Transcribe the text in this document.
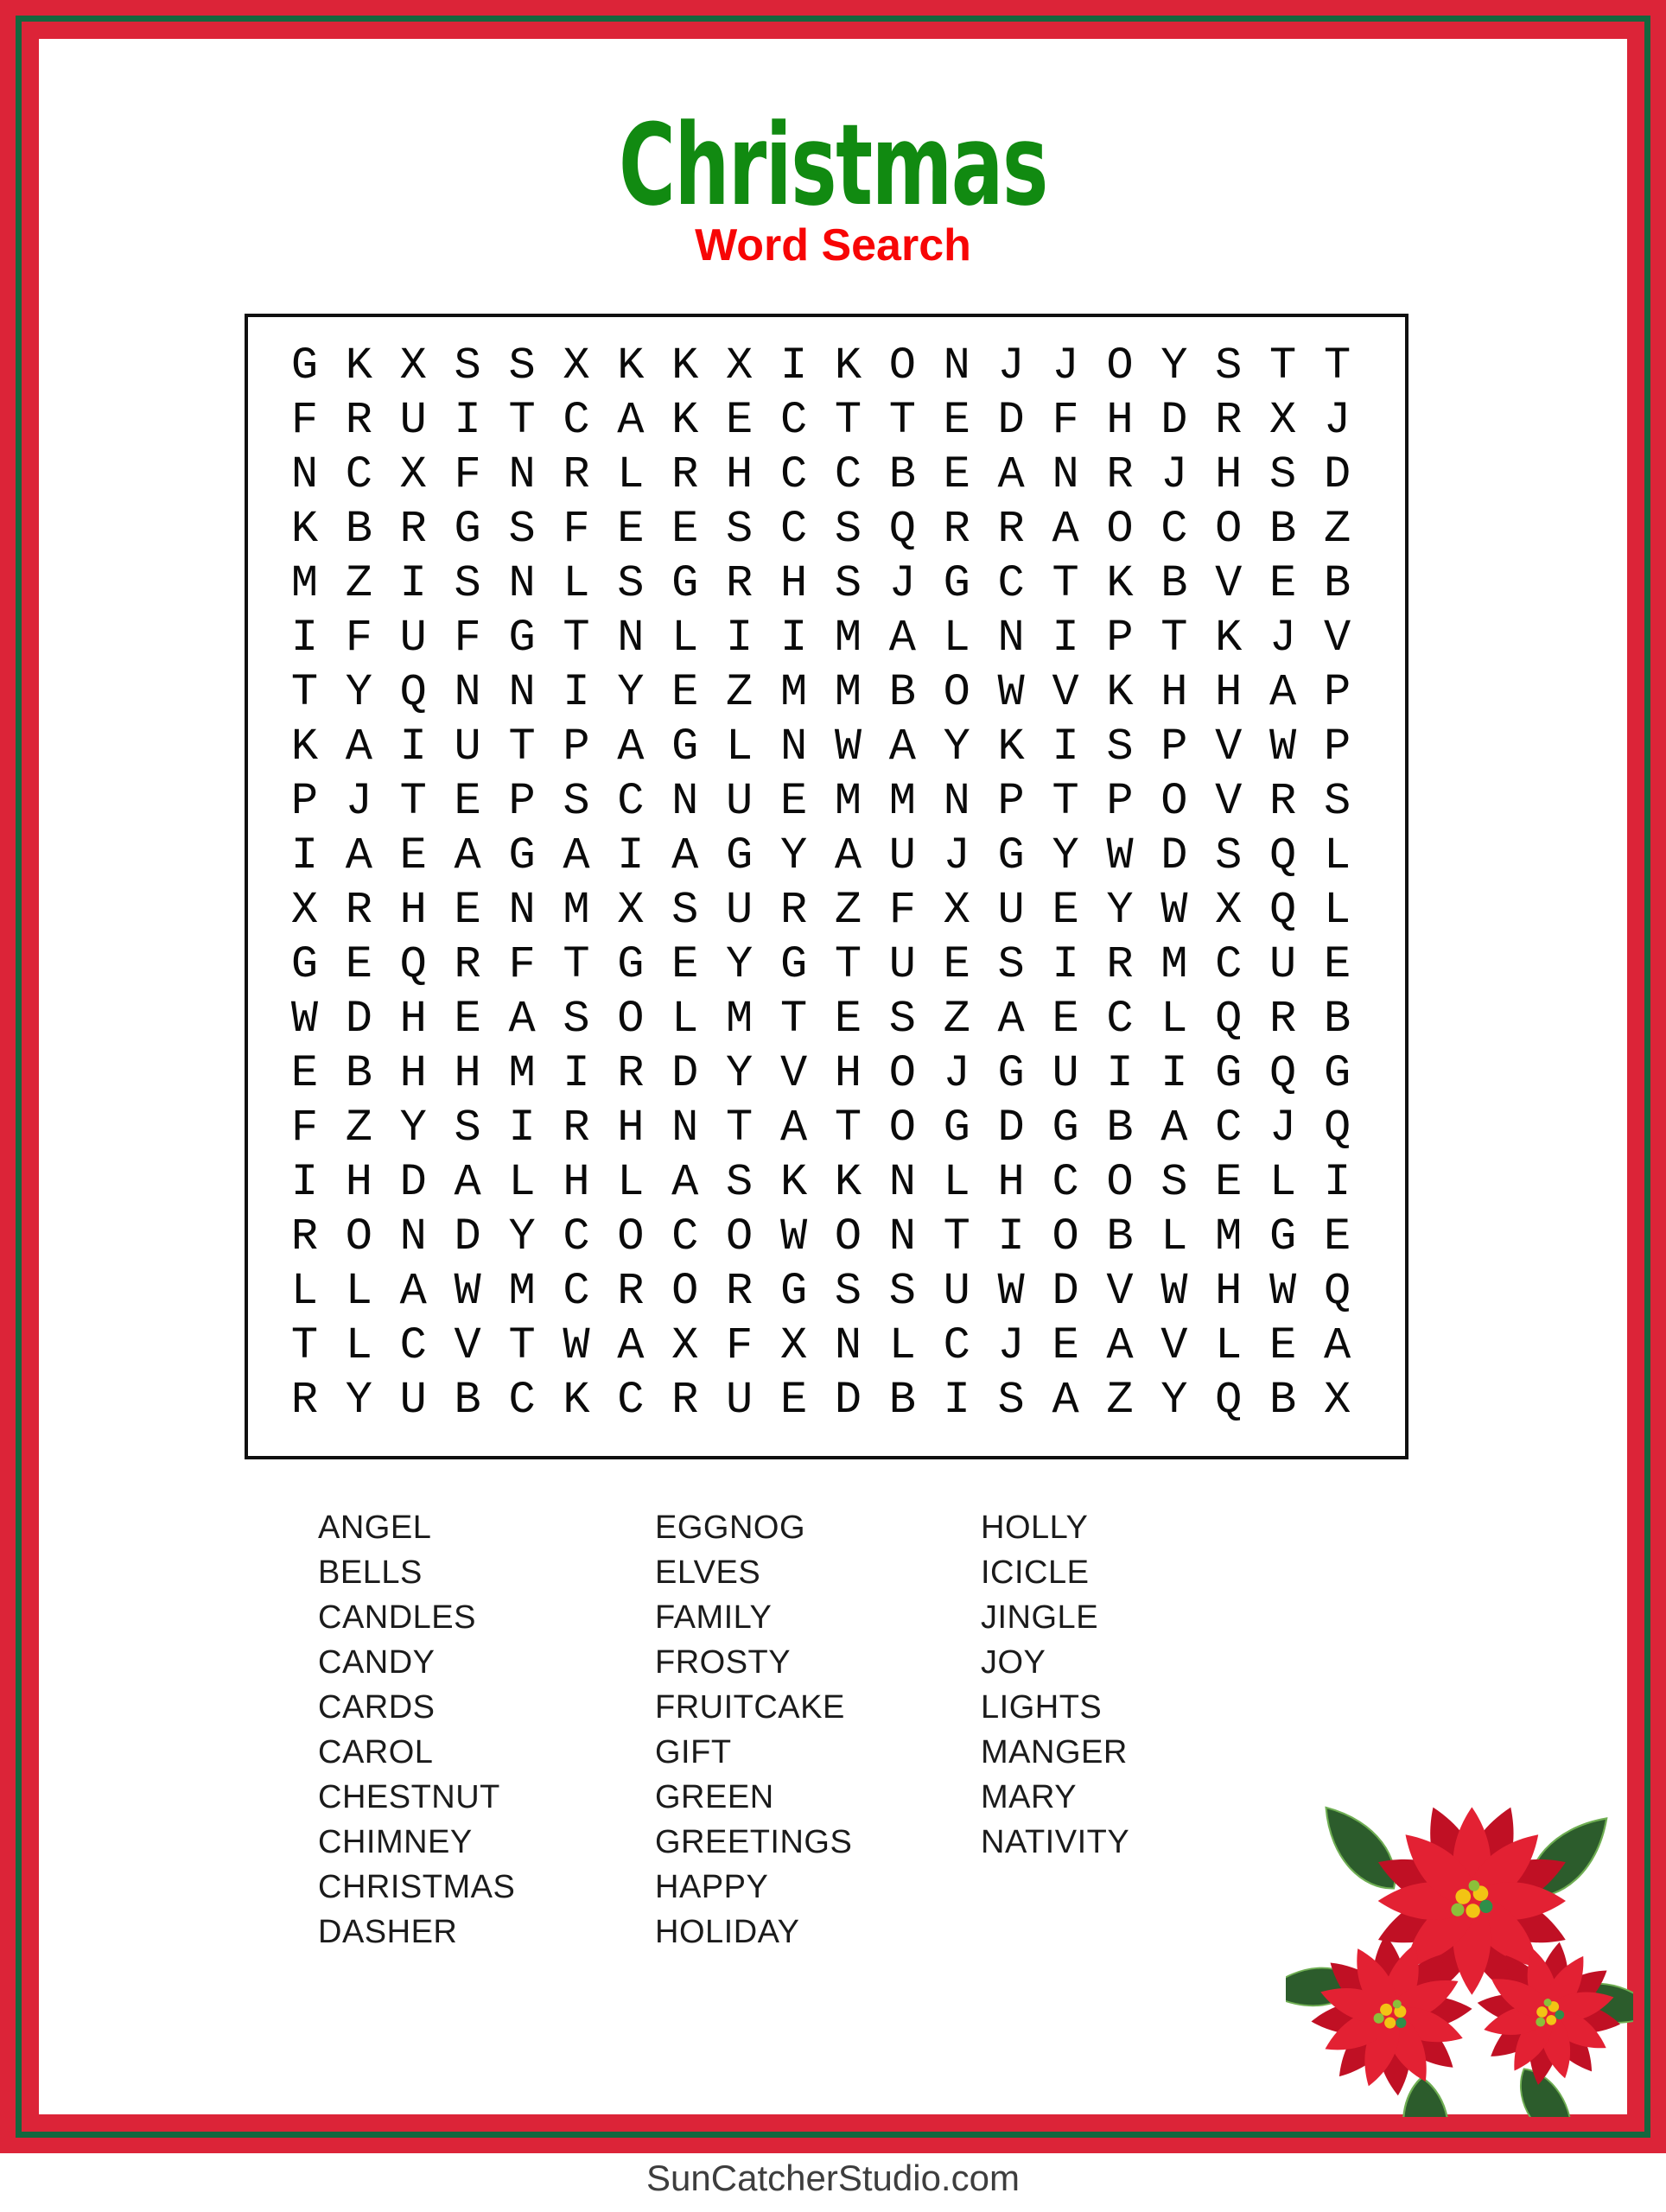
Christmas
Word Search
G K X S S X K K X I K O N J J O Y S T T
F R U I T C A K E C T T E D F H D R X J
N C X F N R L R H C C B E A N R J H S D
K B R G S F E E S C S Q R R A O C O B Z
M Z I S N L S G R H S J G C T K B V E B
I F U F G T N L I I M A L N I P T K J V
T Y Q N N I Y E Z M M B O W V K H H A P
K A I U T P A G L N W A Y K I S P V W P
P J T E P S C N U E M M N P T P O V R S
I A E A G A I A G Y A U J G Y W D S Q L
X R H E N M X S U R Z F X U E Y W X Q L
G E Q R F T G E Y G T U E S I R M C U E
W D H E A S O L M T E S Z A E C L Q R B
E B H H M I R D Y V H O J G U I I G Q G
F Z Y S I R H N T A T O G D G B A C J Q
I H D A L H L A S K K N L H C O S E L I
R O N D Y C O C O W O N T I O B L M G E
L L A W M C R O R G S S U W D V W H W Q
T L C V T W A X F X N L C J E A V L E A
R Y U B C K C R U E D B I S A Z Y Q B X
ANGEL
BELLS
CANDLES
CANDY
CARDS
CAROL
CHESTNUT
CHIMNEY
CHRISTMAS
DASHER
EGGNOG
ELVES
FAMILY
FROSTY
FRUITCAKE
GIFT
GREEN
GREETINGS
HAPPY
HOLIDAY
HOLLY
ICICLE
JINGLE
JOY
LIGHTS
MANGER
MARY
NATIVITY
SunCatcherStudio.com
